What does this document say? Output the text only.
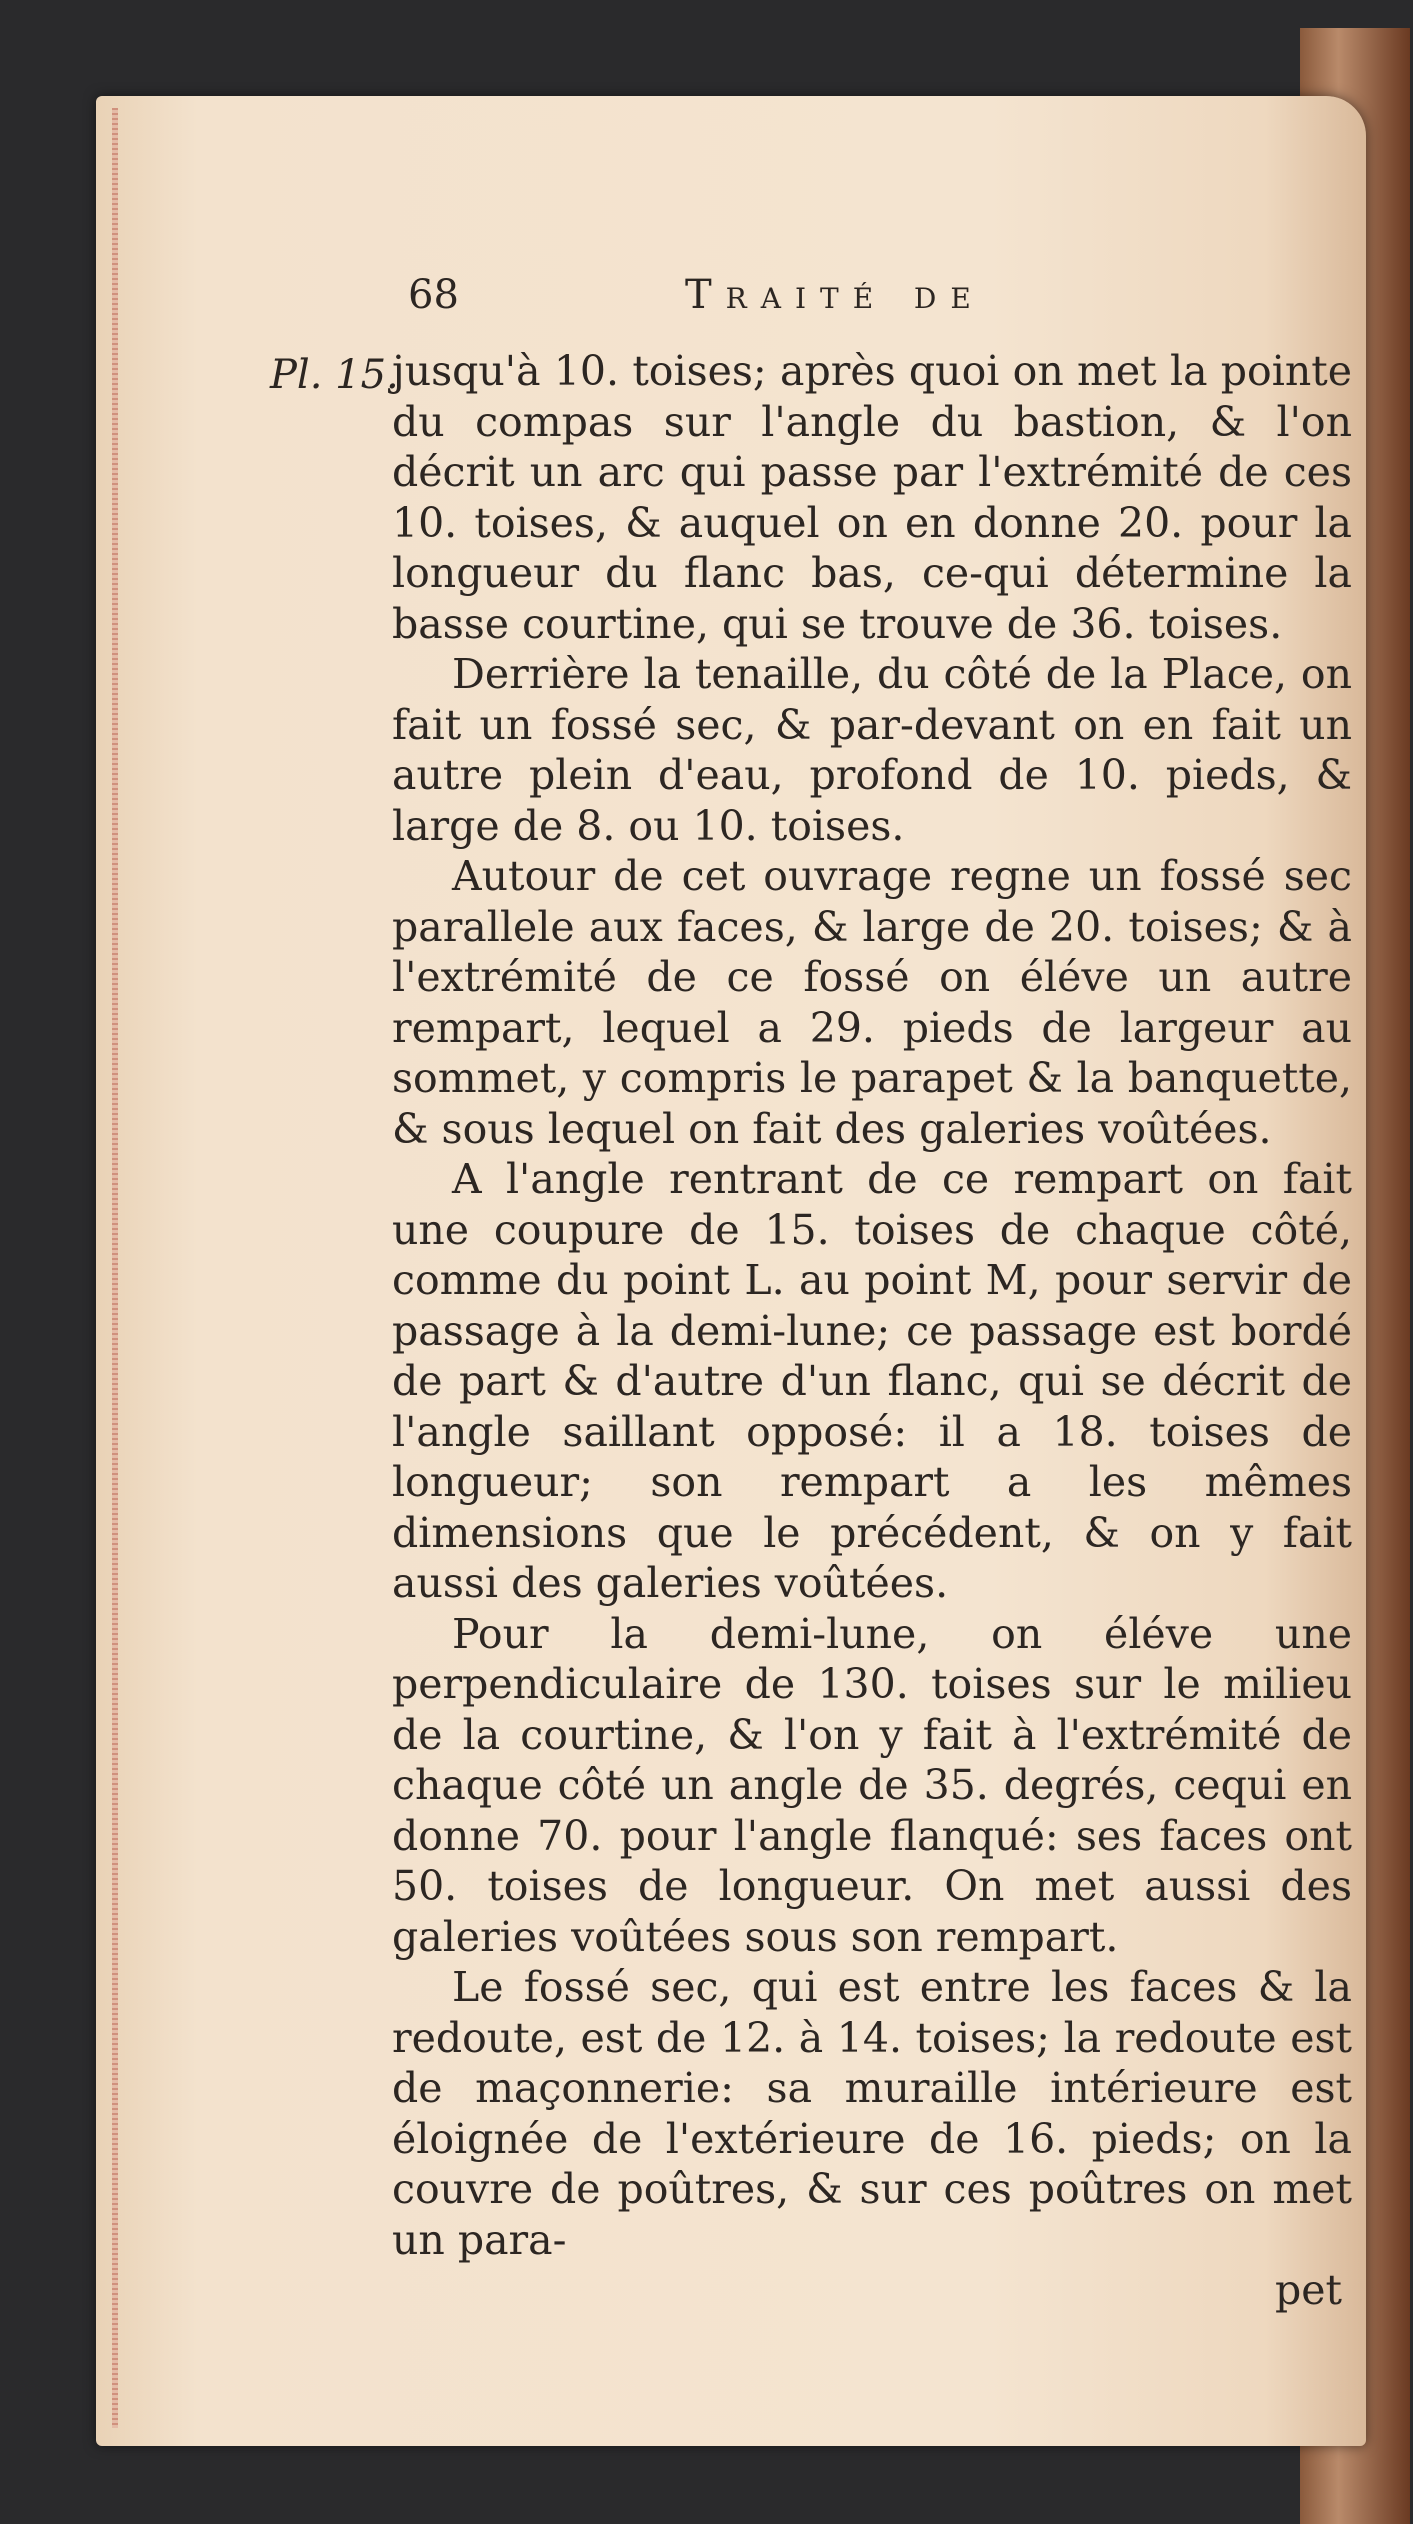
68	Traité de
Pl. 15.

jusqu'à 10. toises; après quoi on met la pointe du compas sur l'angle du bastion, & l'on décrit un arc qui passe par l'extrémité de ces 10. toises, & auquel on en donne 20. pour la longueur du flanc bas, ce-qui détermine la basse courtine, qui se trouve de 36. toises.

Derrière la tenaille, du côté de la Place, on fait un fossé sec, & par-devant on en fait un autre plein d'eau, profond de 10. pieds, & large de 8. ou 10. toises.

Autour de cet ouvrage regne un fossé sec parallele aux faces, & large de 20. toises; & à l'extrémité de ce fossé on éléve un autre rempart, lequel a 29. pieds de largeur au sommet, y compris le parapet & la banquette, & sous lequel on fait des galeries voûtées.

A l'angle rentrant de ce rempart on fait une coupure de 15. toises de chaque côté, comme du point L. au point M, pour servir de passage à la demi-lune; ce passage est bordé de part & d'autre d'un flanc, qui se décrit de l'angle saillant opposé: il a 18. toises de longueur; son rempart a les mêmes dimensions que le précédent, & on y fait aussi des galeries voûtées.

Pour la demi-lune, on éléve une perpendiculaire de 130. toises sur le milieu de la courtine, & l'on y fait à l'extrémité de chaque côté un angle de 35. degrés, cequi en donne 70. pour l'angle flanqué: ses faces ont 50. toises de longueur. On met aussi des galeries voûtées sous son rempart.

Le fossé sec, qui est entre les faces & la redoute, est de 12. à 14. toises; la redoute est de maçonnerie: sa muraille intérieure est éloignée de l'extérieure de 16. pieds; on la couvre de poûtres, & sur ces poûtres on met un para-

pet
